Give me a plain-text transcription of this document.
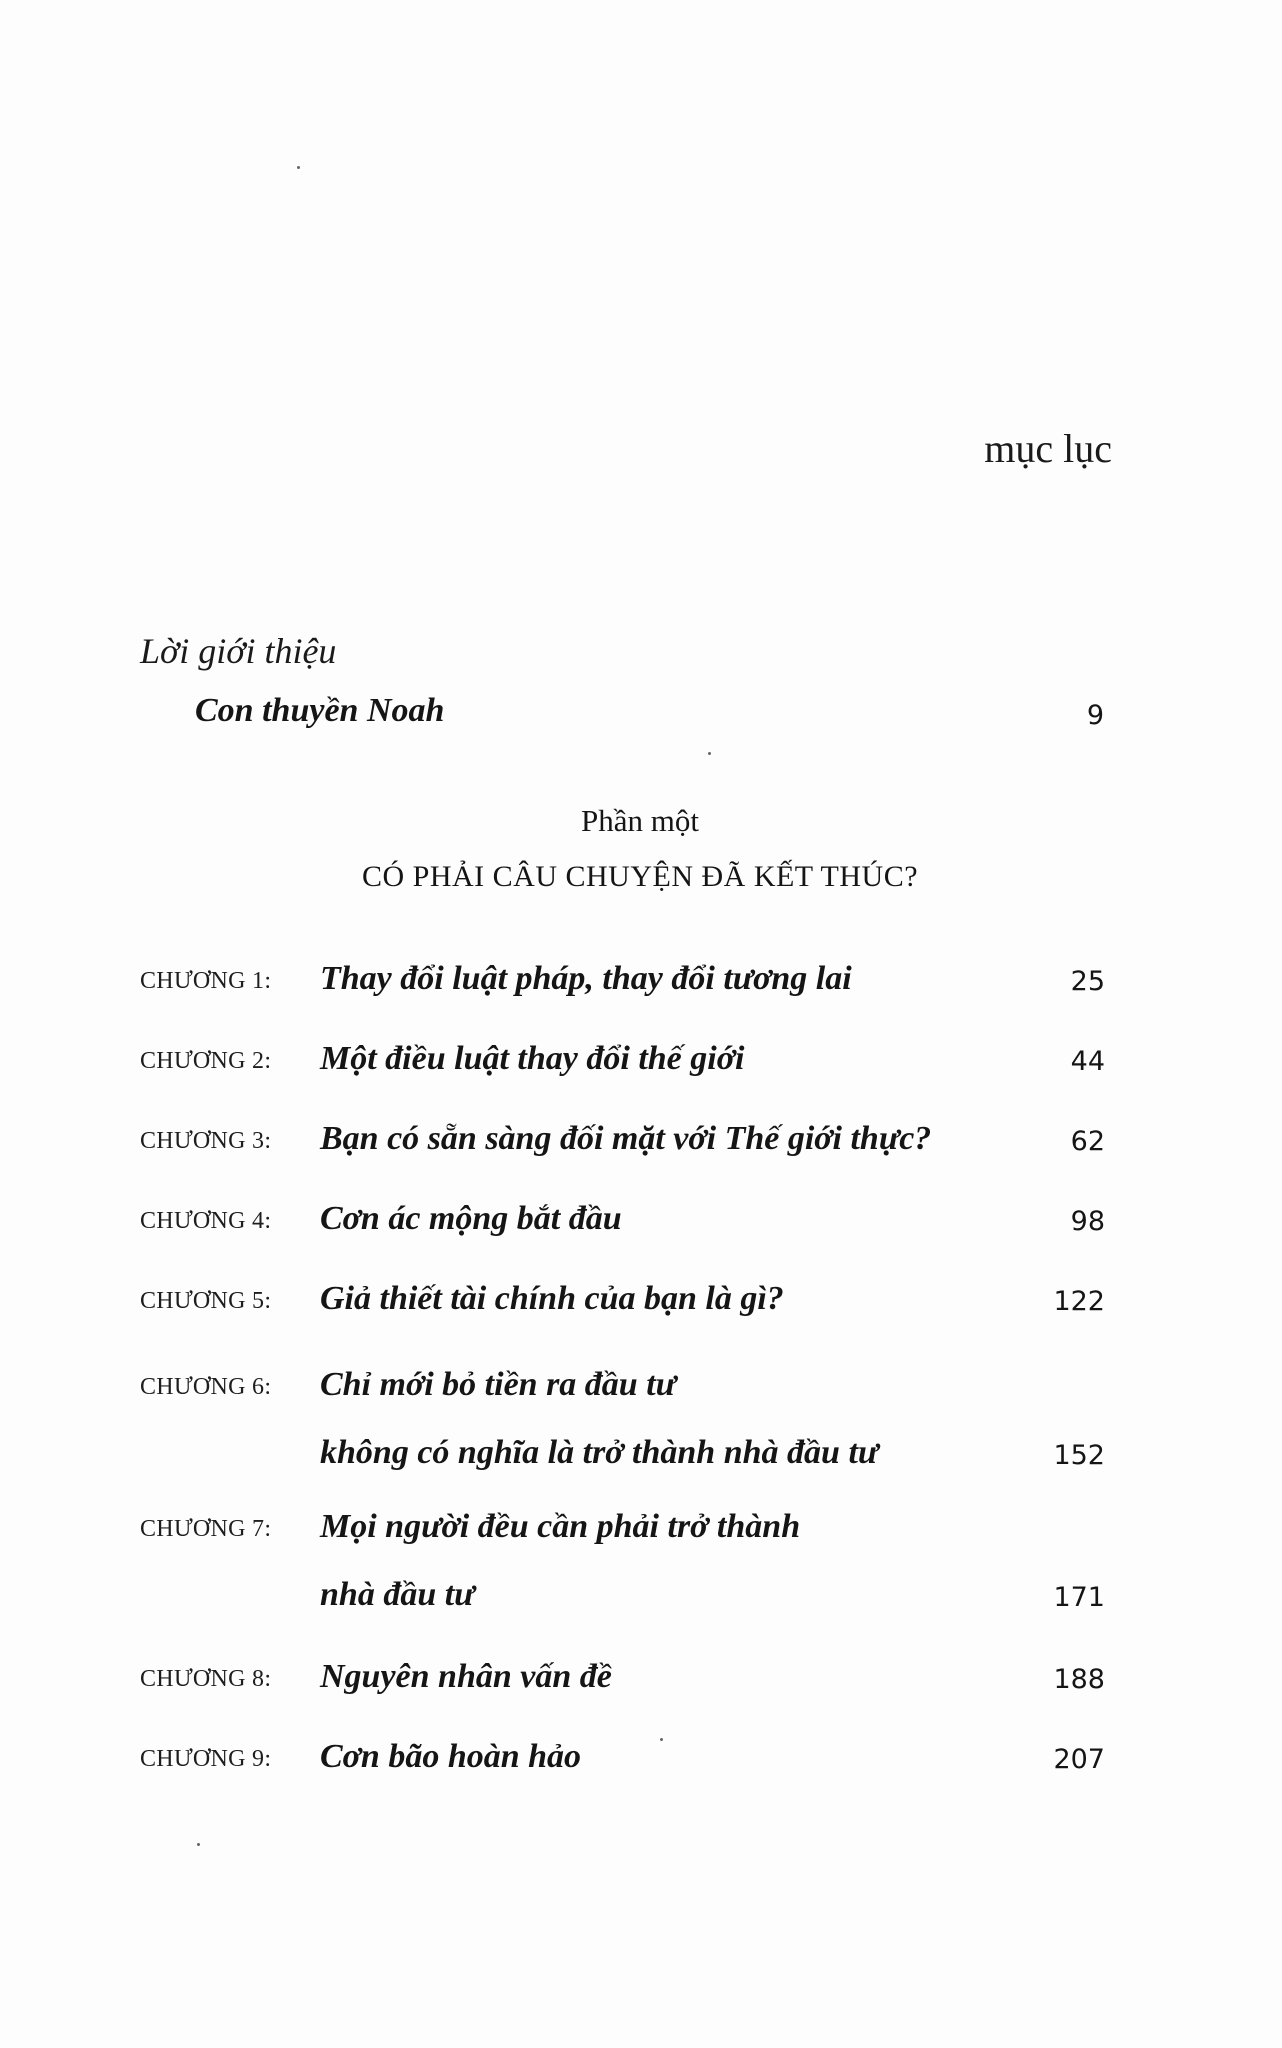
mục lục
Lời giới thiệu
Con thuyền Noah	9
Phần một
CÓ PHẢI CÂU CHUYỆN ĐÃ KẾT THÚC?
CHƯƠNG 1: Thay đổi luật pháp, thay đổi tương lai	25
CHƯƠNG 2: Một điều luật thay đổi thế giới	44
CHƯƠNG 3: Bạn có sẵn sàng đối mặt với Thế giới thực?	62
CHƯƠNG 4: Cơn ác mộng bắt đầu	98
CHƯƠNG 5: Giả thiết tài chính của bạn là gì?	122
CHƯƠNG 6: Chỉ mới bỏ tiền ra đầu tư
không có nghĩa là trở thành nhà đầu tư	152
CHƯƠNG 7: Mọi người đều cần phải trở thành
nhà đầu tư	171
CHƯƠNG 8: Nguyên nhân vấn đề	188
CHƯƠNG 9: Cơn bão hoàn hảo	207
